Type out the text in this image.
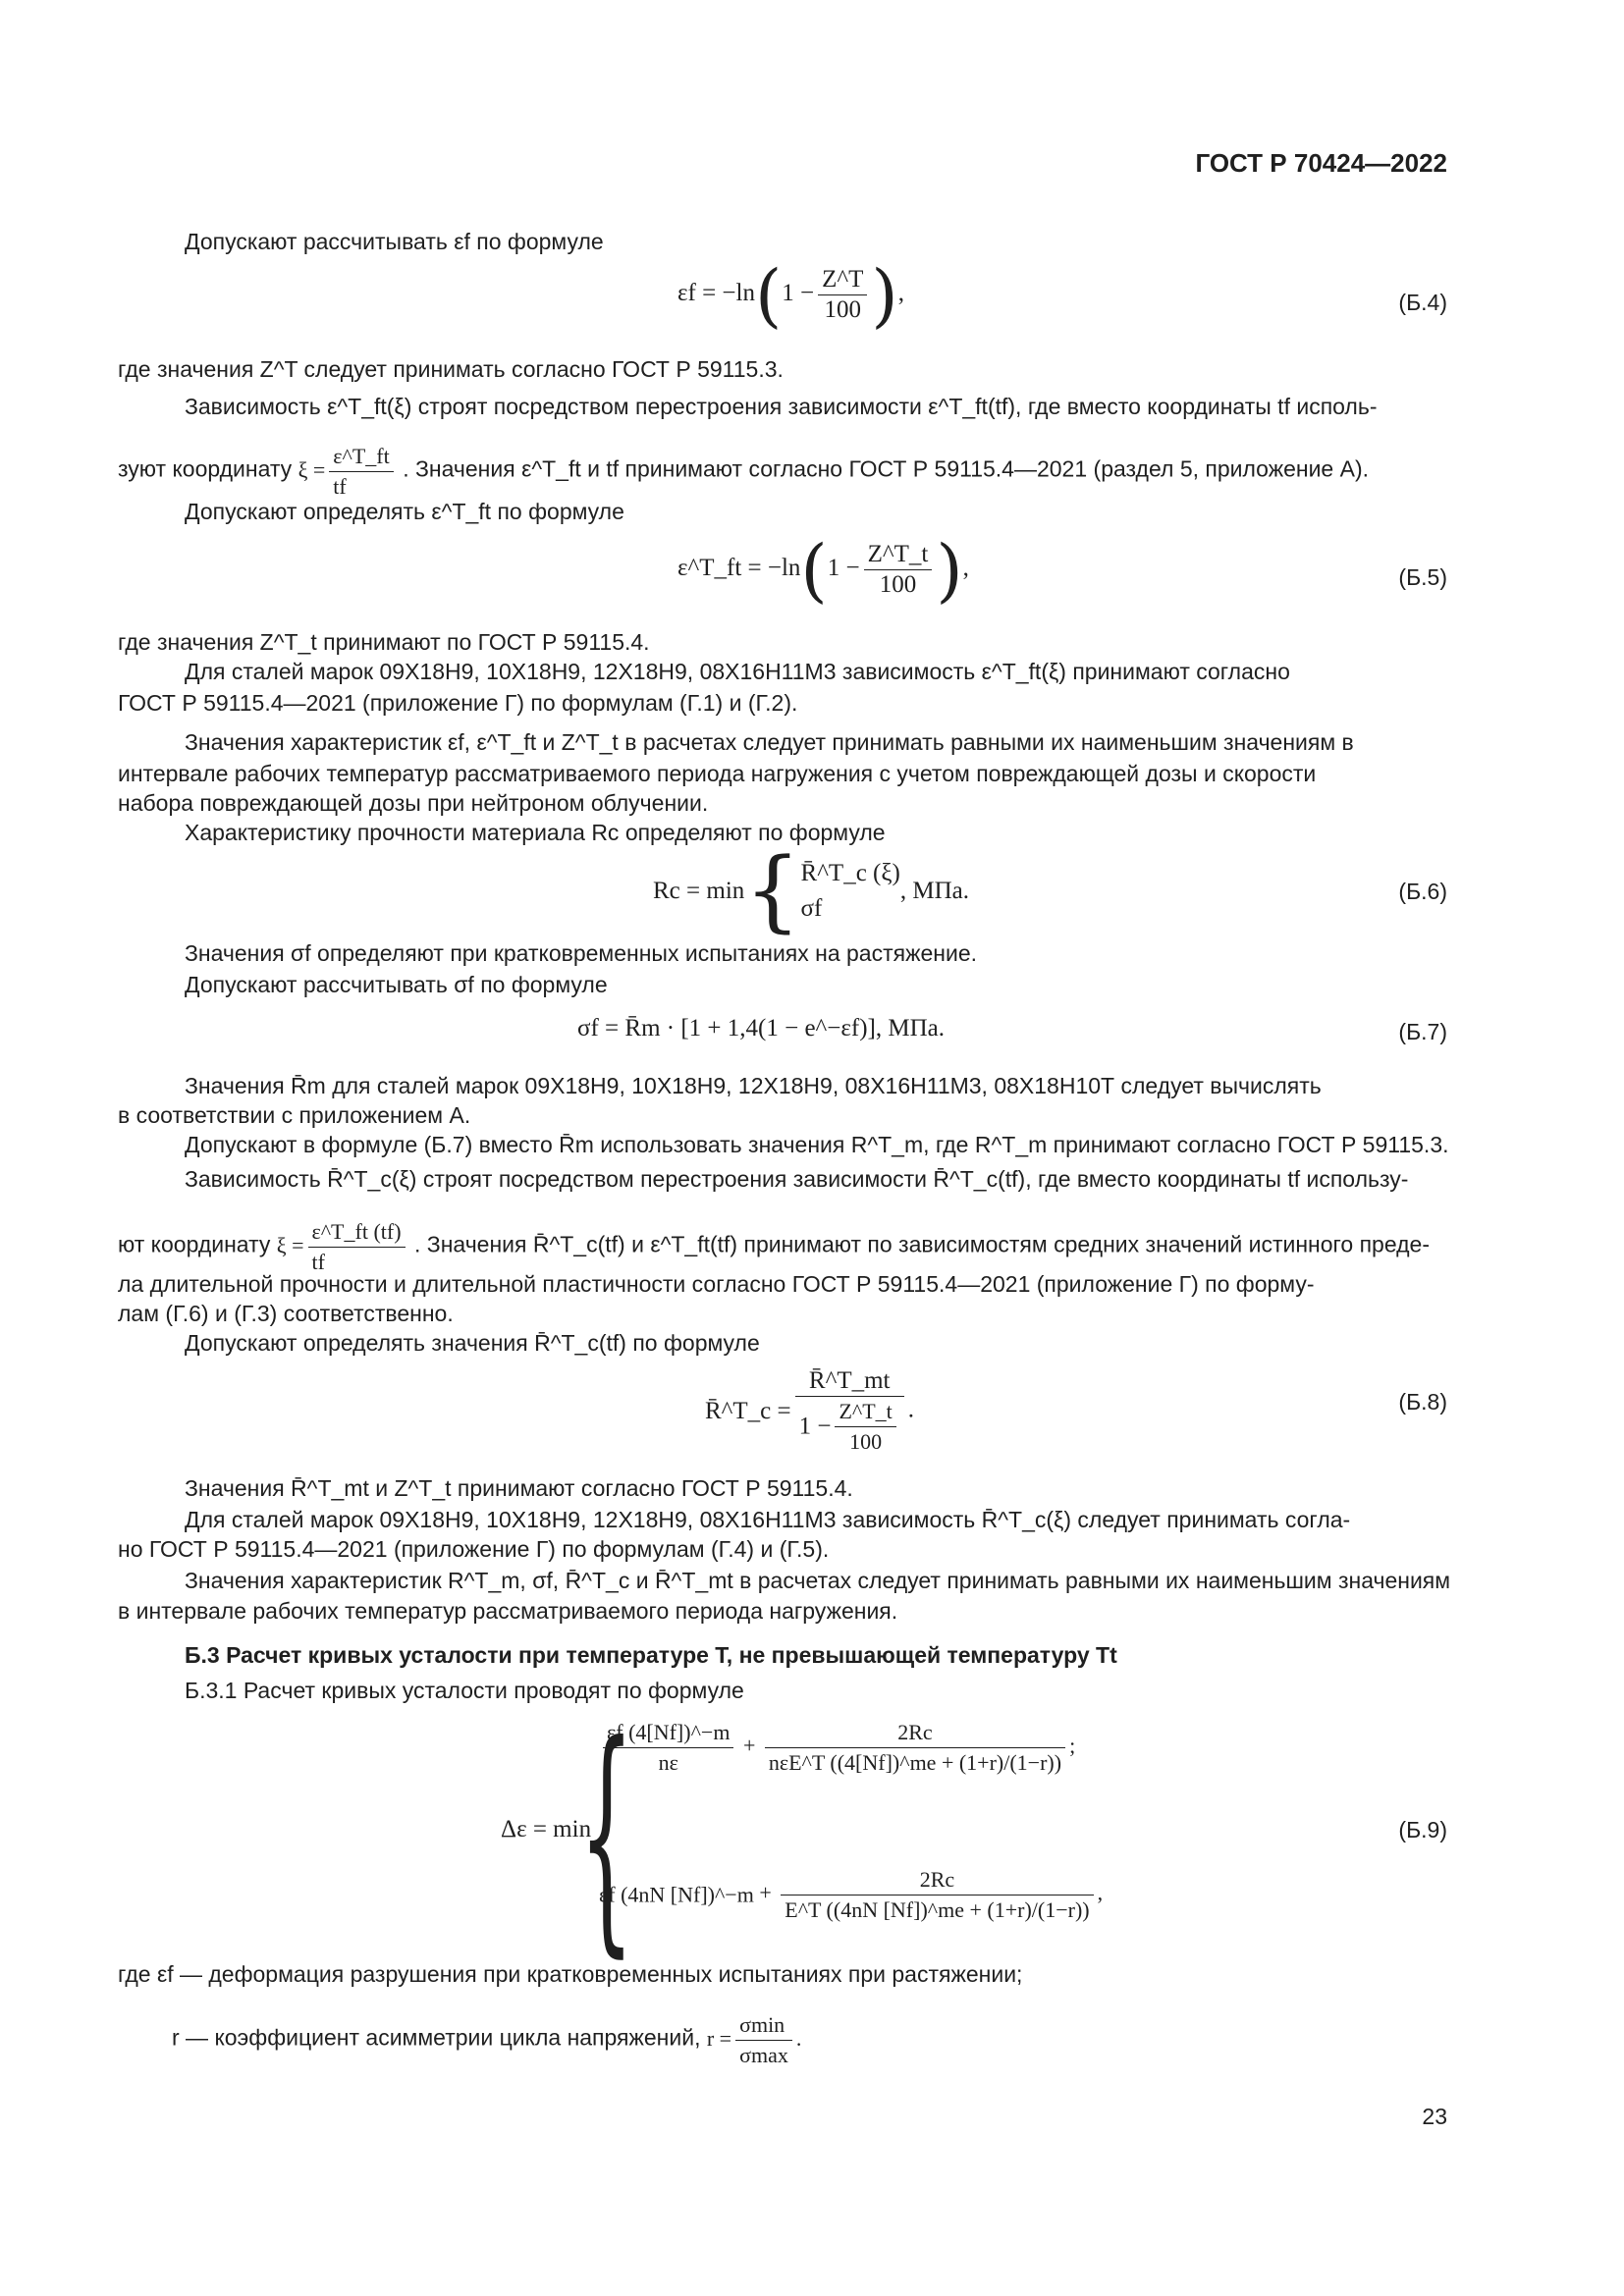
ГОСТ Р 70424—2022
Допускают рассчитывать εf по формуле
$\varepsilon f = -\ln(1 - \frac{Z\^{}T}{100}$ ),	(Б.4)
где значения Z^T следует принимать согласно ГОСТ Р 59115.3.
Зависимость ε^T_ft(ξ) строят посредством перестроения зависимости ε^T_ft(tf), где вместо координаты tf исполь-
зуют координату $\xi = \frac{\varepsilon\^{}T\_ft}{tf}$ . Значения ε^T_ft и tf принимают согласно ГОСТ Р 59115.4—2021 (раздел 5, приложение А).
Допускают определять ε^T_ft по формуле
ε^T_ft = $-\ln(1 - \frac{Z\^{}T\_t}{100}$ ),	(Б.5)
где значения Z^T_t принимают по ГОСТ Р 59115.4.
Для сталей марок 09Х18Н9, 10Х18Н9, 12Х18Н9, 08Х16Н11М3 зависимость ε^T_ft(ξ) принимают согласно
ГОСТ Р 59115.4—2021 (приложение Г) по формулам (Г.1) и (Г.2).
Значения характеристик εf, ε^T_ft и Z^T_t в расчетах следует принимать равными их наименьшим значениям в
интервале рабочих температур рассматриваемого периода нагружения с учетом повреждающей дозы и скорости
набора повреждающей дозы при нейтроном облучении.
Характеристику прочности материала Rc определяют по формуле
Rc = min{ R̄^T_c (ξ)
σf
, МПа.	(Б.6)
Значения σf определяют при кратковременных испытаниях на растяжение.
Допускают рассчитывать σf по формуле
σf = R̄m · [1 + 1,4(1 − e^−εf)], МПа.	(Б.7)
Значения R̄m для сталей марок 09Х18Н9, 10Х18Н9, 12Х18Н9, 08Х16Н11М3, 08Х18Н10Т следует вычислять
в соответствии с приложением А.
Допускают в формуле (Б.7) вместо R̄m использовать значения R^T_m, где R^T_m принимают согласно ГОСТ Р 59115.3.
Зависимость R̄^T_c(ξ) строят посредством перестроения зависимости R̄^T_c(tf), где вместо координаты tf использу-
ют координату $\xi = \frac{\varepsilon\^{}T\_ft (tf)}{tf}$ . Значения R̄^T_c(tf) и ε^T_ft(tf) принимают по зависимостям средних значений истинного преде-
ла длительной прочности и длительной пластичности согласно ГОСТ Р 59115.4—2021 (приложение Г) по форму-
лам (Г.6) и (Г.3) соответственно.
Допускают определять значения R̄^T_c(tf) по формуле
R̄^T_c = $\frac{R̄\^{}T\_mt}{1 - \frac{Z\^{}T\_t}{100}}$ .	(Б.8)
Значения R̄^T_mt и Z^T_t принимают согласно ГОСТ Р 59115.4.
Для сталей марок 09Х18Н9, 10Х18Н9, 12Х18Н9, 08Х16Н11М3 зависимость R̄^T_c(ξ) следует принимать согла-
но ГОСТ Р 59115.4—2021 (приложение Г) по формулам (Г.4) и (Г.5).
Значения характеристик R^T_m, σf, R̄^T_c и R̄^T_mt в расчетах следует принимать равными их наименьшим значениям
в интервале рабочих температур рассматриваемого периода нагружения.
Б.3 Расчет кривых усталости при температуре T, не превышающей температуру Tt
Б.3.1 Расчет кривых усталости проводят по формуле
Δε = min
{
$\frac{\varepsilon f (4[Nf])\^{}-m}{n\varepsilon} + \frac{2Rc}{\text{nεE\textasciicircum{}T ((4[Nf])\textasciicircum{}me + (1+r)/(1−r))}}$ ;
εf (4nN [Nf])^−m + $\frac{2Rc}{E\^{}T ((4nN [Nf])\^{}me + (1+r)/(1-r))}$ ,
(Б.9)
где εf — деформация разрушения при кратковременных испытаниях при растяжении;
r — коэффициент асимметрии цикла напряжений, $r = \frac{\sigma\min}{\sigma\max}$ .
23
